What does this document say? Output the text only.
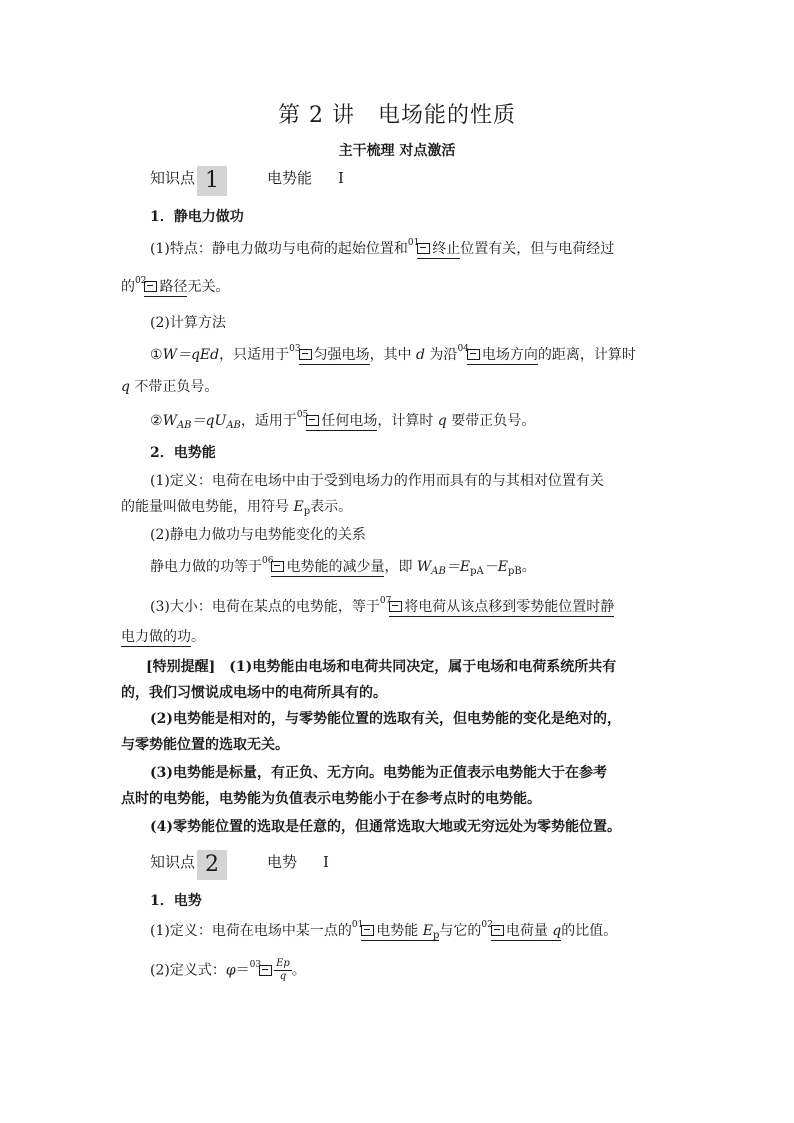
第 2 讲　电场能的性质
主干梳理 对点激活
知识点 1	电势能 Ⅰ
1．静电力做功
(1)特点：静电力做功与电荷的起始位置和01 终止位置有关，但与电荷经过
的02 路径无关。
(2)计算方法
①W＝qEd，只适用于03 匀强电场，其中 d 为沿04 电场方向的距离，计算时
q 不带正负号。
$②W_{AB}=qU_{AB}$，适用于05 任何电场，计算时 q 要带正负号。
2．电势能
(1)定义：电荷在电场中由于受到电场力的作用而具有的与其相对位置有关
的能量叫做电势能，用符号 $E_p$表示。
(2)静电力做功与电势能变化的关系
静电力做的功等于06 电势能的减少量，即 $W_{AB}=E_{pA}-E_{pB}$。
(3)大小：电荷在某点的电势能，等于07 将电荷从该点移到零势能位置时静
电力做的功。
[特别提醒]　(1)电势能由电场和电荷共同决定，属于电场和电荷系统所共有
的，我们习惯说成电场中的电荷所具有的。
(2)电势能是相对的，与零势能位置的选取有关，但电势能的变化是绝对的，
与零势能位置的选取无关。
(3)电势能是标量，有正负、无方向。电势能为正值表示电势能大于在参考
点时的电势能，电势能为负值表示电势能小于在参考点时的电势能。
(4)零势能位置的选取是任意的，但通常选取大地或无穷远处为零势能位置。
知识点 2	电势 Ⅰ
1．电势
(1)定义：电荷在电场中某一点的01 电势能 $E_p$与它的02 电荷量 q的比值。
(2)定义式：$\varphi=03 \frac{Ep}{q}$ 。
